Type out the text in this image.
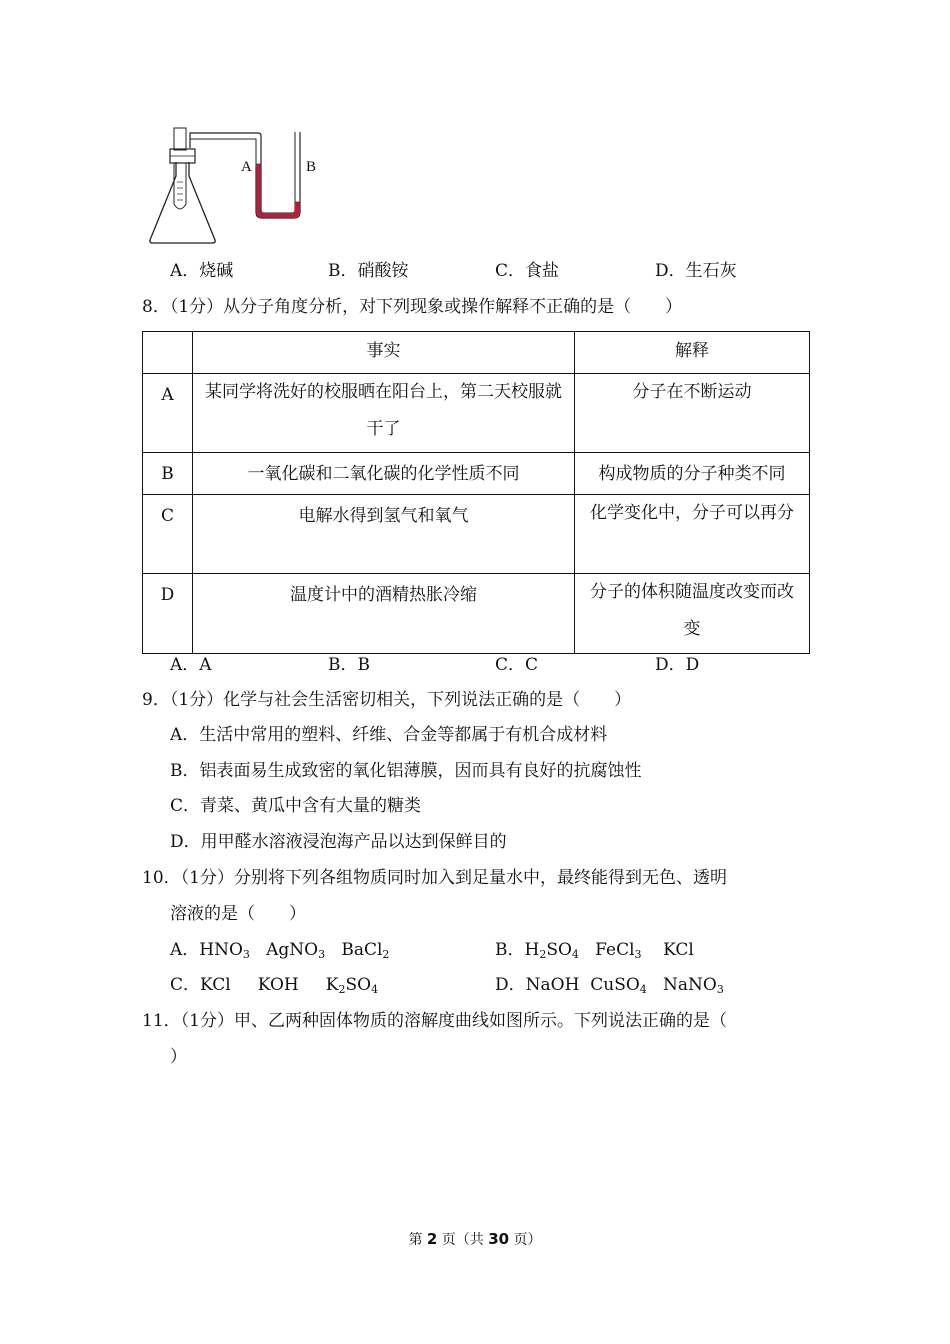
A	B
A．烧碱	B．硝酸铵	C．食盐	D．生石灰
8．（1分）从分子角度分析，对下列现象或操作解释不正确的是（　　）
	事实	解释
A	某同学将洗好的校服晒在阳台上，第二天校服就干了	分子在不断运动
B	一氧化碳和二氧化碳的化学性质不同	构成物质的分子种类不同
C	电解水得到氢气和氧气	化学变化中，分子可以再分
D	温度计中的酒精热胀冷缩	分子的体积随温度改变而改变
A．A	B．B	C．C	D．D
9．（1分）化学与社会生活密切相关，下列说法正确的是（　　）
A．生活中常用的塑料、纤维、合金等都属于有机合成材料
B．铝表面易生成致密的氧化铝薄膜，因而具有良好的抗腐蚀性
C．青菜、黄瓜中含有大量的糖类
D．用甲醛水溶液浸泡海产品以达到保鲜目的
10．（1分）分别将下列各组物质同时加入到足量水中，最终能得到无色、透明
溶液的是（　　）
A．$HNO_3$ AgNO$_3$ BaCl$_2$	B．$H_2SO_4$ FeCl$_3$ KCl
C．KCl KOH $K_2SO_4$	D．NaOH CuSO$_4$ NaNO$_3$
11．（1分）甲、乙两种固体物质的溶解度曲线如图所示。下列说法正确的是（
）
第 2 页（共 30 页）
